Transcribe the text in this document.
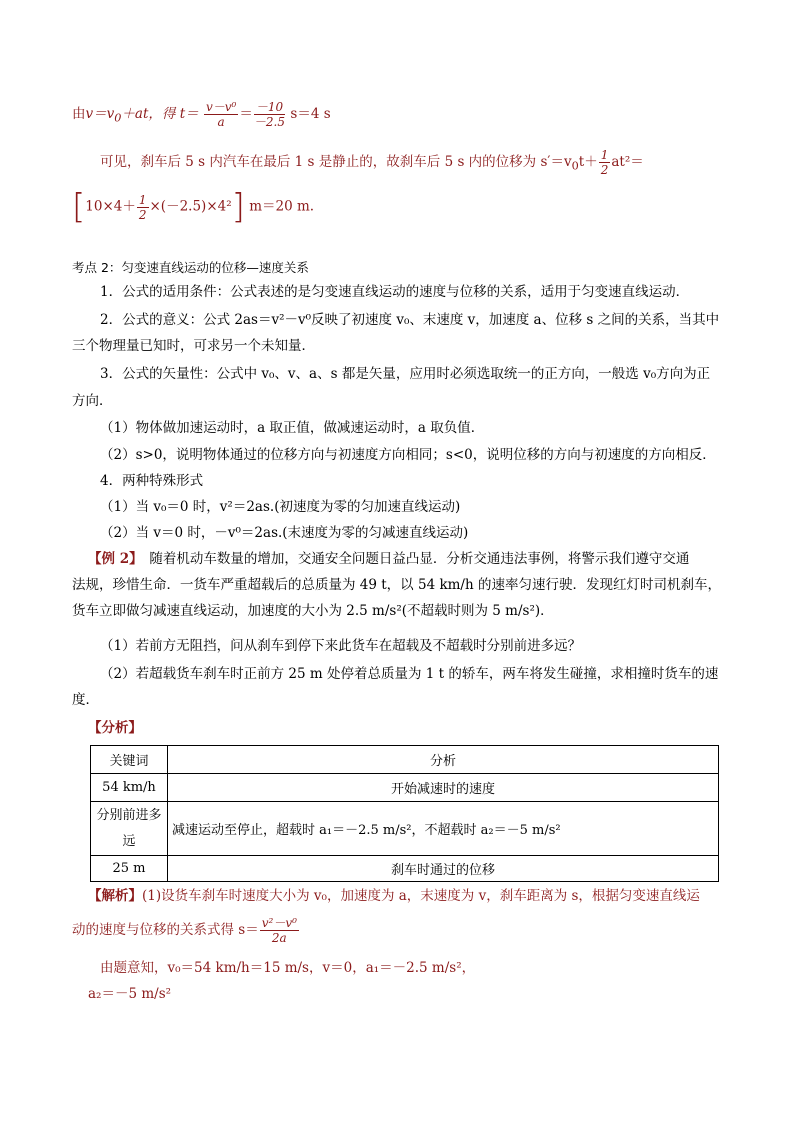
由$v=v_0+at$，得 $t= \frac{\text{v－v⁰}}{a} = \frac{-10}{-2.5} s=4$ s
可见，刹车后 5 s 内汽车在最后 1 s 是静止的，故刹车后 5 s 内的位移为 $s'=v_0t+ \frac{1}{2} at^2=$
$[10\times 4+ \frac{1}{2} \times(-2.5)\times 4^2]$ m＝20 m.
考点 2：匀变速直线运动的位移—速度关系
1．公式的适用条件：公式表述的是匀变速直线运动的速度与位移的关系，适用于匀变速直线运动．
2．公式的意义：公式 2as＝v²－v⁰反映了初速度 v₀、末速度 v，加速度 a、位移 s 之间的关系，当其中
三个物理量已知时，可求另一个未知量．
3．公式的矢量性：公式中 v₀、v、a、s 都是矢量，应用时必须选取统一的正方向，一般选 v₀方向为正
方向．
（1）物体做加速运动时，a 取正值，做减速运动时，a 取负值．
（2）s>0，说明物体通过的位移方向与初速度方向相同；s<0，说明位移的方向与初速度的方向相反．
4．两种特殊形式
（1）当 v₀＝0 时，v²＝2as.(初速度为零的匀加速直线运动)
（2）当 v＝0 时，－v⁰＝2as.(末速度为零的匀减速直线运动)
【例 2】　随着机动车数量的增加，交通安全问题日益凸显．分析交通违法事例，将警示我们遵守交通
法规，珍惜生命．一货车严重超载后的总质量为 49 t，以 54 km/h 的速率匀速行驶．发现红灯时司机刹车，
货车立即做匀减速直线运动，加速度的大小为 2.5 m/s²(不超载时则为 5 m/s²)．
（1）若前方无阻挡，问从刹车到停下来此货车在超载及不超载时分别前进多远？
（2）若超载货车刹车时正前方 25 m 处停着总质量为 1 t 的轿车，两车将发生碰撞，求相撞时货车的速
度．
【分析】
关键词	分析
54 km/h	开始减速时的速度
分别前进多远	减速运动至停止，超载时 a₁＝－2.5 m/s²，不超载时 a₂＝－5 m/s²
25 m	刹车时通过的位移
【解析】(1)设货车刹车时速度大小为 v₀，加速度为 a，末速度为 v，刹车距离为 s，根据匀变速直线运
动的速度与位移的关系式得 $s= \frac{\text{v²－v⁰}}{2a}$
由题意知，v₀＝54 km/h＝15 m/s，v＝0，a₁＝－2.5 m/s²，
a₂＝－5 m/s²
